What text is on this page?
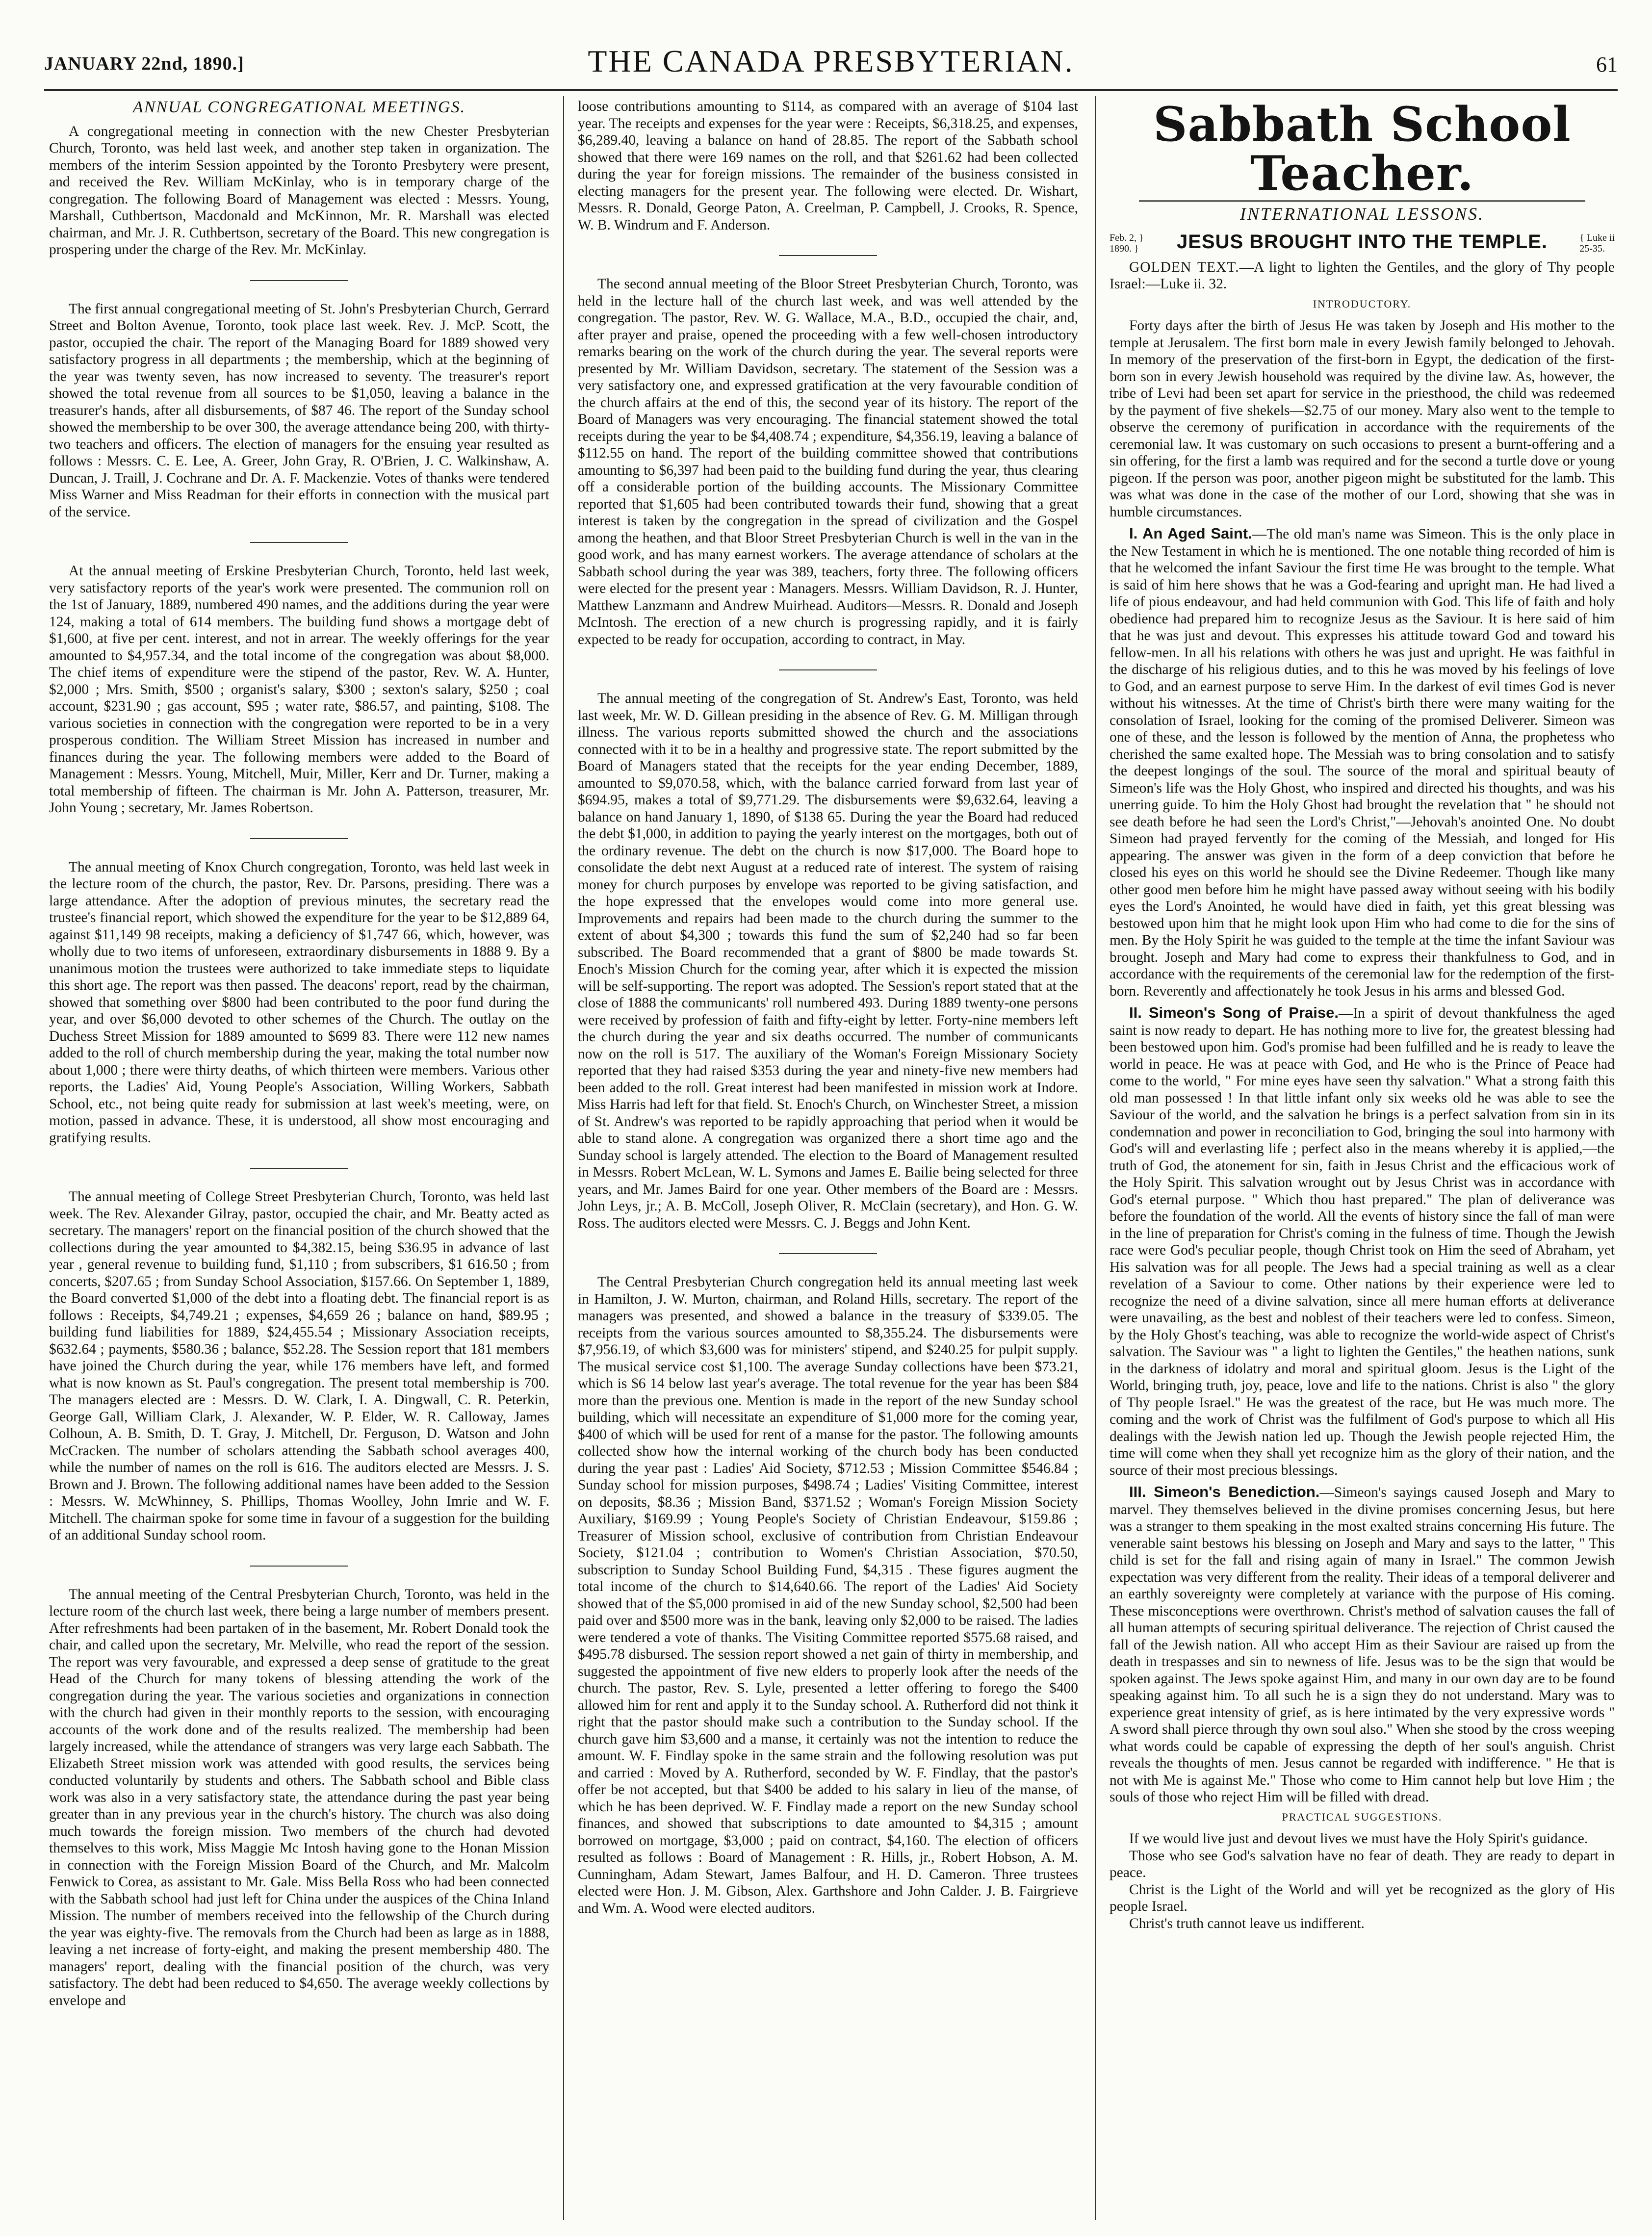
JANUARY 22nd, 1890.]	THE CANADA PRESBYTERIAN.	61
ANNUAL CONGREGATIONAL MEETINGS.

A congregational meeting in connection with the new Chester Presbyterian Church, Toronto, was held last week, and another step taken in organization. The members of the interim Session appointed by the Toronto Presbytery were present, and received the Rev. William McKinlay, who is in temporary charge of the congregation. The following Board of Management was elected : Messrs. Young, Marshall, Cuthbertson, Macdonald and McKinnon, Mr. R. Marshall was elected chairman, and Mr. J. R. Cuthbertson, secretary of the Board. This new congregation is prospering under the charge of the Rev. Mr. McKinlay.

The first annual congregational meeting of St. John's Presbyterian Church, Gerrard Street and Bolton Avenue, Toronto, took place last week. Rev. J. McP. Scott, the pastor, occupied the chair. The report of the Managing Board for 1889 showed very satisfactory progress in all departments ; the membership, which at the beginning of the year was twenty seven, has now increased to seventy. The treasurer's report showed the total revenue from all sources to be $1,050, leaving a balance in the treasurer's hands, after all disbursements, of $87 46. The report of the Sunday school showed the membership to be over 300, the average attendance being 200, with thirty-two teachers and officers. The election of managers for the ensuing year resulted as follows : Messrs. C. E. Lee, A. Greer, John Gray, R. O'Brien, J. C. Walkinshaw, A. Duncan, J. Traill, J. Cochrane and Dr. A. F. Mackenzie. Votes of thanks were tendered Miss Warner and Miss Readman for their efforts in connection with the musical part of the service.

At the annual meeting of Erskine Presbyterian Church, Toronto, held last week, very satisfactory reports of the year's work were presented. The communion roll on the 1st of January, 1889, numbered 490 names, and the additions during the year were 124, making a total of 614 members. The building fund shows a mortgage debt of $1,600, at five per cent. interest, and not in arrear. The weekly offerings for the year amounted to $4,957.34, and the total income of the congregation was about $8,000. The chief items of expenditure were the stipend of the pastor, Rev. W. A. Hunter, $2,000 ; Mrs. Smith, $500 ; organist's salary, $300 ; sexton's salary, $250 ; coal account, $231.90 ; gas account, $95 ; water rate, $86.57, and painting, $108. The various societies in connection with the congregation were reported to be in a very prosperous condition. The William Street Mission has increased in number and finances during the year. The following members were added to the Board of Management : Messrs. Young, Mitchell, Muir, Miller, Kerr and Dr. Turner, making a total membership of fifteen. The chairman is Mr. John A. Patterson, treasurer, Mr. John Young ; secretary, Mr. James Robertson.

The annual meeting of Knox Church congregation, Toronto, was held last week in the lecture room of the church, the pastor, Rev. Dr. Parsons, presiding. There was a large attendance. After the adoption of previous minutes, the secretary read the trustee's financial report, which showed the expenditure for the year to be $12,889 64, against $11,149 98 receipts, making a deficiency of $1,747 66, which, however, was wholly due to two items of unforeseen, extraordinary disbursements in 1888 9. By a unanimous motion the trustees were authorized to take immediate steps to liquidate this short age. The report was then passed. The deacons' report, read by the chairman, showed that something over $800 had been contributed to the poor fund during the year, and over $6,000 devoted to other schemes of the Church. The outlay on the Duchess Street Mission for 1889 amounted to $699 83. There were 112 new names added to the roll of church membership during the year, making the total number now about 1,000 ; there were thirty deaths, of which thirteen were members. Various other reports, the Ladies' Aid, Young People's Association, Willing Workers, Sabbath School, etc., not being quite ready for submission at last week's meeting, were, on motion, passed in advance. These, it is understood, all show most encouraging and gratifying results.

The annual meeting of College Street Presbyterian Church, Toronto, was held last week. The Rev. Alexander Gilray, pastor, occupied the chair, and Mr. Beatty acted as secretary. The managers' report on the financial position of the church showed that the collections during the year amounted to $4,382.15, being $36.95 in advance of last year , general revenue to building fund, $1,110 ; from subscribers, $1 616.50 ; from concerts, $207.65 ; from Sunday School Association, $157.66. On September 1, 1889, the Board converted $1,000 of the debt into a floating debt. The financial report is as follows : Receipts, $4,749.21 ; expenses, $4,659 26 ; balance on hand, $89.95 ; building fund liabilities for 1889, $24,455.54 ; Missionary Association receipts, $632.64 ; payments, $580.36 ; balance, $52.28. The Session report that 181 members have joined the Church during the year, while 176 members have left, and formed what is now known as St. Paul's congregation. The present total membership is 700. The managers elected are : Messrs. D. W. Clark, I. A. Dingwall, C. R. Peterkin, George Gall, William Clark, J. Alexander, W. P. Elder, W. R. Calloway, James Colhoun, A. B. Smith, D. T. Gray, J. Mitchell, Dr. Ferguson, D. Watson and John McCracken. The number of scholars attending the Sabbath school averages 400, while the number of names on the roll is 616. The auditors elected are Messrs. J. S. Brown and J. Brown. The following additional names have been added to the Session : Messrs. W. McWhinney, S. Phillips, Thomas Woolley, John Imrie and W. F. Mitchell. The chairman spoke for some time in favour of a suggestion for the building of an additional Sunday school room.

The annual meeting of the Central Presbyterian Church, Toronto, was held in the lecture room of the church last week, there being a large number of members present. After refreshments had been partaken of in the basement, Mr. Robert Donald took the chair, and called upon the secretary, Mr. Melville, who read the report of the session. The report was very favourable, and expressed a deep sense of gratitude to the great Head of the Church for many tokens of blessing attending the work of the congregation during the year. The various societies and organizations in connection with the church had given in their monthly reports to the session, with encouraging accounts of the work done and of the results realized. The membership had been largely increased, while the attendance of strangers was very large each Sabbath. The Elizabeth Street mission work was attended with good results, the services being conducted voluntarily by students and others. The Sabbath school and Bible class work was also in a very satisfactory state, the attendance during the past year being greater than in any previous year in the church's history. The church was also doing much towards the foreign mission. Two members of the church had devoted themselves to this work, Miss Maggie Mc Intosh having gone to the Honan Mission in connection with the Foreign Mission Board of the Church, and Mr. Malcolm Fenwick to Corea, as assistant to Mr. Gale. Miss Bella Ross who had been connected with the Sabbath school had just left for China under the auspices of the China Inland Mission. The number of members received into the fellowship of the Church during the year was eighty-five. The removals from the Church had been as large as in 1888, leaving a net increase of forty-eight, and making the present membership 480. The managers' report, dealing with the financial position of the church, was very satisfactory. The debt had been reduced to $4,650. The average weekly collections by envelope and

loose contributions amounting to $114, as compared with an average of $104 last year. The receipts and expenses for the year were : Receipts, $6,318.25, and expenses, $6,289.40, leaving a balance on hand of 28.85. The report of the Sabbath school showed that there were 169 names on the roll, and that $261.62 had been collected during the year for foreign missions. The remainder of the business consisted in electing managers for the present year. The following were elected. Dr. Wishart, Messrs. R. Donald, George Paton, A. Creelman, P. Campbell, J. Crooks, R. Spence, W. B. Windrum and F. Anderson.

The second annual meeting of the Bloor Street Presbyterian Church, Toronto, was held in the lecture hall of the church last week, and was well attended by the congregation. The pastor, Rev. W. G. Wallace, M.A., B.D., occupied the chair, and, after prayer and praise, opened the proceeding with a few well-chosen introductory remarks bearing on the work of the church during the year. The several reports were presented by Mr. William Davidson, secretary. The statement of the Session was a very satisfactory one, and expressed gratification at the very favourable condition of the church affairs at the end of this, the second year of its history. The report of the Board of Managers was very encouraging. The financial statement showed the total receipts during the year to be $4,408.74 ; expenditure, $4,356.19, leaving a balance of $112.55 on hand. The report of the building committee showed that contributions amounting to $6,397 had been paid to the building fund during the year, thus clearing off a considerable portion of the building accounts. The Missionary Committee reported that $1,605 had been contributed towards their fund, showing that a great interest is taken by the congregation in the spread of civilization and the Gospel among the heathen, and that Bloor Street Presbyterian Church is well in the van in the good work, and has many earnest workers. The average attendance of scholars at the Sabbath school during the year was 389, teachers, forty three. The following officers were elected for the present year : Managers. Messrs. William Davidson, R. J. Hunter, Matthew Lanzmann and Andrew Muirhead. Auditors—Messrs. R. Donald and Joseph McIntosh. The erection of a new church is progressing rapidly, and it is fairly expected to be ready for occupation, according to contract, in May.

The annual meeting of the congregation of St. Andrew's East, Toronto, was held last week, Mr. W. D. Gillean presiding in the absence of Rev. G. M. Milligan through illness. The various reports submitted showed the church and the associations connected with it to be in a healthy and progressive state. The report submitted by the Board of Managers stated that the receipts for the year ending December, 1889, amounted to $9,070.58, which, with the balance carried forward from last year of $694.95, makes a total of $9,771.29. The disbursements were $9,632.64, leaving a balance on hand January 1, 1890, of $138 65. During the year the Board had reduced the debt $1,000, in addition to paying the yearly interest on the mortgages, both out of the ordinary revenue. The debt on the church is now $17,000. The Board hope to consolidate the debt next August at a reduced rate of interest. The system of raising money for church purposes by envelope was reported to be giving satisfaction, and the hope expressed that the envelopes would come into more general use. Improvements and repairs had been made to the church during the summer to the extent of about $4,300 ; towards this fund the sum of $2,240 had so far been subscribed. The Board recommended that a grant of $800 be made towards St. Enoch's Mission Church for the coming year, after which it is expected the mission will be self-supporting. The report was adopted. The Session's report stated that at the close of 1888 the communicants' roll numbered 493. During 1889 twenty-one persons were received by profession of faith and fifty-eight by letter. Forty-nine members left the church during the year and six deaths occurred. The number of communicants now on the roll is 517. The auxiliary of the Woman's Foreign Missionary Society reported that they had raised $353 during the year and ninety-five new members had been added to the roll. Great interest had been manifested in mission work at Indore. Miss Harris had left for that field. St. Enoch's Church, on Winchester Street, a mission of St. Andrew's was reported to be rapidly approaching that period when it would be able to stand alone. A congregation was organized there a short time ago and the Sunday school is largely attended. The election to the Board of Management resulted in Messrs. Robert McLean, W. L. Symons and James E. Bailie being selected for three years, and Mr. James Baird for one year. Other members of the Board are : Messrs. John Leys, jr.; A. B. McColl, Joseph Oliver, R. McClain (secretary), and Hon. G. W. Ross. The auditors elected were Messrs. C. J. Beggs and John Kent.

The Central Presbyterian Church congregation held its annual meeting last week in Hamilton, J. W. Murton, chairman, and Roland Hills, secretary. The report of the managers was presented, and showed a balance in the treasury of $339.05. The receipts from the various sources amounted to $8,355.24. The disbursements were $7,956.19, of which $3,600 was for ministers' stipend, and $240.25 for pulpit supply. The musical service cost $1,100. The average Sunday collections have been $73.21, which is $6 14 below last year's average. The total revenue for the year has been $84 more than the previous one. Mention is made in the report of the new Sunday school building, which will necessitate an expenditure of $1,000 more for the coming year, $400 of which will be used for rent of a manse for the pastor. The following amounts collected show how the internal working of the church body has been conducted during the year past : Ladies' Aid Society, $712.53 ; Mission Committee $546.84 ; Sunday school for mission purposes, $498.74 ; Ladies' Visiting Committee, interest on deposits, $8.36 ; Mission Band, $371.52 ; Woman's Foreign Mission Society Auxiliary, $169.99 ; Young People's Society of Christian Endeavour, $159.86 ; Treasurer of Mission school, exclusive of contribution from Christian Endeavour Society, $121.04 ; contribution to Women's Christian Association, $70.50, subscription to Sunday School Building Fund, $4,315 . These figures augment the total income of the church to $14,640.66. The report of the Ladies' Aid Society showed that of the $5,000 promised in aid of the new Sunday school, $2,500 had been paid over and $500 more was in the bank, leaving only $2,000 to be raised. The ladies were tendered a vote of thanks. The Visiting Committee reported $575.68 raised, and $495.78 disbursed. The session report showed a net gain of thirty in membership, and suggested the appointment of five new elders to properly look after the needs of the church. The pastor, Rev. S. Lyle, presented a letter offering to forego the $400 allowed him for rent and apply it to the Sunday school. A. Rutherford did not think it right that the pastor should make such a contribution to the Sunday school. If the church gave him $3,600 and a manse, it certainly was not the intention to reduce the amount. W. F. Findlay spoke in the same strain and the following resolution was put and carried : Moved by A. Rutherford, seconded by W. F. Findlay, that the pastor's offer be not accepted, but that $400 be added to his salary in lieu of the manse, of which he has been deprived. W. F. Findlay made a report on the new Sunday school finances, and showed that subscriptions to date amounted to $4,315 ; amount borrowed on mortgage, $3,000 ; paid on contract, $4,160. The election of officers resulted as follows : Board of Management : R. Hills, jr., Robert Hobson, A. M. Cunningham, Adam Stewart, James Balfour, and H. D. Cameron. Three trustees elected were Hon. J. M. Gibson, Alex. Garthshore and John Calder. J. B. Fairgrieve and Wm. A. Wood were elected auditors.

Sabbath School Teacher.
INTERNATIONAL LESSONS.
Feb. 2, }
1890. }	JESUS BROUGHT INTO THE TEMPLE.	{ Luke ii
25-35.

GOLDEN TEXT.—A light to lighten the Gentiles, and the glory of Thy people Israel:—Luke ii. 32.

INTRODUCTORY.

Forty days after the birth of Jesus He was taken by Joseph and His mother to the temple at Jerusalem. The first born male in every Jewish family belonged to Jehovah. In memory of the preservation of the first-born in Egypt, the dedication of the first-born son in every Jewish household was required by the divine law. As, however, the tribe of Levi had been set apart for service in the priesthood, the child was redeemed by the payment of five shekels—$2.75 of our money. Mary also went to the temple to observe the ceremony of purification in accordance with the requirements of the ceremonial law. It was customary on such occasions to present a burnt-offering and a sin offering, for the first a lamb was required and for the second a turtle dove or young pigeon. If the person was poor, another pigeon might be substituted for the lamb. This was what was done in the case of the mother of our Lord, showing that she was in humble circumstances.

I. An Aged Saint.—The old man's name was Simeon. This is the only place in the New Testament in which he is mentioned. The one notable thing recorded of him is that he welcomed the infant Saviour the first time He was brought to the temple. What is said of him here shows that he was a God-fearing and upright man. He had lived a life of pious endeavour, and had held communion with God. This life of faith and holy obedience had prepared him to recognize Jesus as the Saviour. It is here said of him that he was just and devout. This expresses his attitude toward God and toward his fellow-men. In all his relations with others he was just and upright. He was faithful in the discharge of his religious duties, and to this he was moved by his feelings of love to God, and an earnest purpose to serve Him. In the darkest of evil times God is never without his witnesses. At the time of Christ's birth there were many waiting for the consolation of Israel, looking for the coming of the promised Deliverer. Simeon was one of these, and the lesson is followed by the mention of Anna, the prophetess who cherished the same exalted hope. The Messiah was to bring consolation and to satisfy the deepest longings of the soul. The source of the moral and spiritual beauty of Simeon's life was the Holy Ghost, who inspired and directed his thoughts, and was his unerring guide. To him the Holy Ghost had brought the revelation that " he should not see death before he had seen the Lord's Christ,"—Jehovah's anointed One. No doubt Simeon had prayed fervently for the coming of the Messiah, and longed for His appearing. The answer was given in the form of a deep conviction that before he closed his eyes on this world he should see the Divine Redeemer. Though like many other good men before him he might have passed away without seeing with his bodily eyes the Lord's Anointed, he would have died in faith, yet this great blessing was bestowed upon him that he might look upon Him who had come to die for the sins of men. By the Holy Spirit he was guided to the temple at the time the infant Saviour was brought. Joseph and Mary had come to express their thankfulness to God, and in accordance with the requirements of the ceremonial law for the redemption of the first-born. Reverently and affectionately he took Jesus in his arms and blessed God.

II. Simeon's Song of Praise.—In a spirit of devout thankfulness the aged saint is now ready to depart. He has nothing more to live for, the greatest blessing had been bestowed upon him. God's promise had been fulfilled and he is ready to leave the world in peace. He was at peace with God, and He who is the Prince of Peace had come to the world, " For mine eyes have seen thy salvation." What a strong faith this old man possessed ! In that little infant only six weeks old he was able to see the Saviour of the world, and the salvation he brings is a perfect salvation from sin in its condemnation and power in reconciliation to God, bringing the soul into harmony with God's will and everlasting life ; perfect also in the means whereby it is applied,—the truth of God, the atonement for sin, faith in Jesus Christ and the efficacious work of the Holy Spirit. This salvation wrought out by Jesus Christ was in accordance with God's eternal purpose. " Which thou hast prepared." The plan of deliverance was before the foundation of the world. All the events of history since the fall of man were in the line of preparation for Christ's coming in the fulness of time. Though the Jewish race were God's peculiar people, though Christ took on Him the seed of Abraham, yet His salvation was for all people. The Jews had a special training as well as a clear revelation of a Saviour to come. Other nations by their experience were led to recognize the need of a divine salvation, since all mere human efforts at deliverance were unavailing, as the best and noblest of their teachers were led to confess. Simeon, by the Holy Ghost's teaching, was able to recognize the world-wide aspect of Christ's salvation. The Saviour was " a light to lighten the Gentiles," the heathen nations, sunk in the darkness of idolatry and moral and spiritual gloom. Jesus is the Light of the World, bringing truth, joy, peace, love and life to the nations. Christ is also " the glory of Thy people Israel." He was the greatest of the race, but He was much more. The coming and the work of Christ was the fulfilment of God's purpose to which all His dealings with the Jewish nation led up. Though the Jewish people rejected Him, the time will come when they shall yet recognize him as the glory of their nation, and the source of their most precious blessings.

III. Simeon's Benediction.—Simeon's sayings caused Joseph and Mary to marvel. They themselves believed in the divine promises concerning Jesus, but here was a stranger to them speaking in the most exalted strains concerning His future. The venerable saint bestows his blessing on Joseph and Mary and says to the latter, " This child is set for the fall and rising again of many in Israel." The common Jewish expectation was very different from the reality. Their ideas of a temporal deliverer and an earthly sovereignty were completely at variance with the purpose of His coming. These misconceptions were overthrown. Christ's method of salvation causes the fall of all human attempts of securing spiritual deliverance. The rejection of Christ caused the fall of the Jewish nation. All who accept Him as their Saviour are raised up from the death in trespasses and sin to newness of life. Jesus was to be the sign that would be spoken against. The Jews spoke against Him, and many in our own day are to be found speaking against him. To all such he is a sign they do not understand. Mary was to experience great intensity of grief, as is here intimated by the very expressive words " A sword shall pierce through thy own soul also." When she stood by the cross weeping what words could be capable of expressing the depth of her soul's anguish. Christ reveals the thoughts of men. Jesus cannot be regarded with indifference. " He that is not with Me is against Me." Those who come to Him cannot help but love Him ; the souls of those who reject Him will be filled with dread.

PRACTICAL SUGGESTIONS.

If we would live just and devout lives we must have the Holy Spirit's guidance.

Those who see God's salvation have no fear of death. They are ready to depart in peace.

Christ is the Light of the World and will yet be recognized as the glory of His people Israel.

Christ's truth cannot leave us indifferent.
